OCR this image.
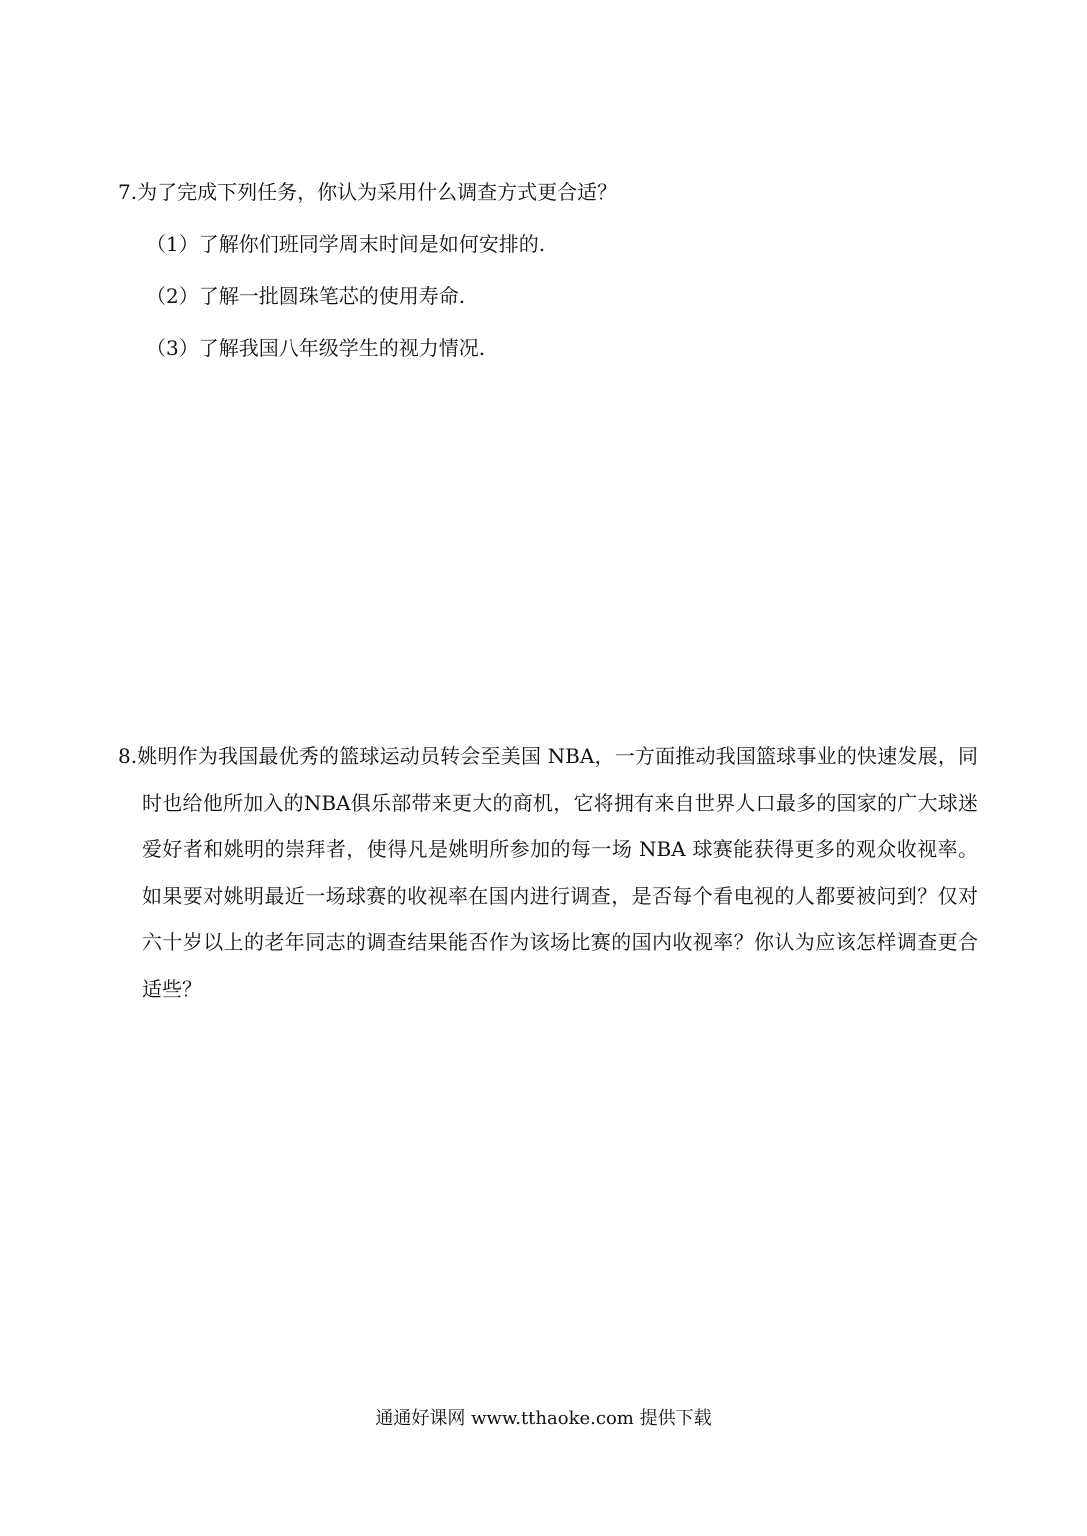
7.为了完成下列任务，你认为采用什么调查方式更合适？
（1）了解你们班同学周末时间是如何安排的.
（2）了解一批圆珠笔芯的使用寿命.
（3）了解我国八年级学生的视力情况.

8.姚明作为我国最优秀的篮球运动员转会至美国 NBA，一方面推动我国篮球事业的快速发展，同时也给他所加入的NBA俱乐部带来更大的商机，它将拥有来自世界人口最多的国家的广大球迷爱好者和姚明的崇拜者，使得凡是姚明所参加的每一场 NBA 球赛能获得更多的观众收视率。如果要对姚明最近一场球赛的收视率在国内进行调查，是否每个看电视的人都要被问到？仅对六十岁以上的老年同志的调查结果能否作为该场比赛的国内收视率？你认为应该怎样调查更合适些？

通通好课网 www.tthaoke.com 提供下载
